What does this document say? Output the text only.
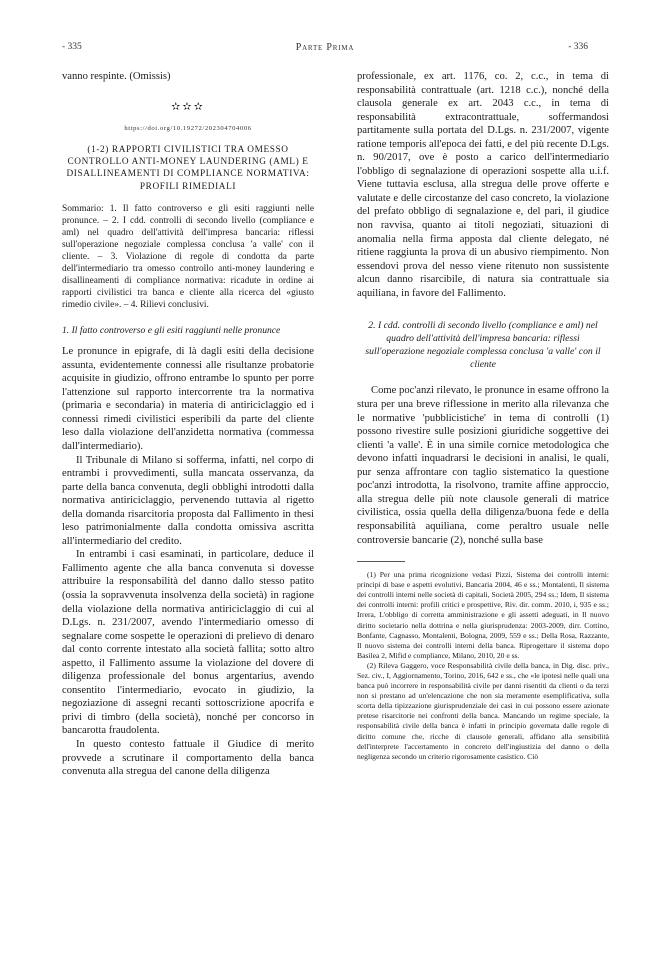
- 335	Parte Prima	- 336

vanno respinte. (Omissis)

✫✫✫

https://doi.org/10.19272/202304704006

(1-2) RAPPORTI CIVILISTICI TRA OMESSO CONTROLLO ANTI-MONEY LAUNDERING (AML) E DISALLINEAMENTI DI COMPLIANCE NORMATIVA: PROFILI RIMEDIALI

Sommario: 1. Il fatto controverso e gli esiti raggiunti nelle pronunce. – 2. I cdd. controlli di secondo livello (compliance e aml) nel quadro dell'attività dell'impresa bancaria: riflessi sull'operazione negoziale complessa conclusa 'a valle' con il cliente. – 3. Violazione di regole di condotta da parte dell'intermediario tra omesso controllo anti-money laundering e disallineamenti di compliance normativa: ricadute in ordine ai rapporti civilistici tra banca e cliente alla ricerca del «giusto rimedio civile». – 4. Rilievi conclusivi.

1. Il fatto controverso e gli esiti raggiunti nelle pronunce

Le pronunce in epigrafe, di là dagli esiti della decisione assunta, evidentemente connessi alle risultanze probatorie acquisite in giudizio, offrono entrambe lo spunto per porre l'attenzione sul rapporto intercorrente tra la normativa (primaria e secondaria) in materia di antiriciclaggio ed i connessi rimedi civilistici esperibili da parte del cliente leso dalla violazione dell'anzidetta normativa (commessa dall'intermediario).

Il Tribunale di Milano si sofferma, infatti, nel corpo di entrambi i provvedimenti, sulla mancata osservanza, da parte della banca convenuta, degli obblighi introdotti dalla normativa antiriciclaggio, pervenendo tuttavia al rigetto della domanda risarcitoria proposta dal Fallimento in thesi leso patrimonialmente dalla condotta omissiva ascritta all'intermediario del credito.

In entrambi i casi esaminati, in particolare, deduce il Fallimento agente che alla banca convenuta si dovesse attribuire la responsabilità del danno dallo stesso patito (ossia la sopravvenuta insolvenza della società) in ragione della violazione della normativa antiriciclaggio di cui al D.Lgs. n. 231/2007, avendo l'intermediario omesso di segnalare come sospette le operazioni di prelievo di denaro dal conto corrente intestato alla società fallita; sotto altro aspetto, il Fallimento assume la violazione del dovere di diligenza professionale del bonus argentarius, avendo consentito l'intermediario, evocato in giudizio, la negoziazione di assegni recanti sottoscrizione apocrifa e privi di timbro (della società), nonché per concorso in bancarotta fraudolenta.

In questo contesto fattuale il Giudice di merito provvede a scrutinare il comportamento della banca convenuta alla stregua del canone della diligenza

professionale, ex art. 1176, co. 2, c.c., in tema di responsabilità contrattuale (art. 1218 c.c.), nonché della clausola generale ex art. 2043 c.c., in tema di responsabilità extracontrattuale, soffermandosi partitamente sulla portata del D.Lgs. n. 231/2007, vigente ratione temporis all'epoca dei fatti, e del più recente D.Lgs. n. 90/2017, ove è posto a carico dell'intermediario l'obbligo di segnalazione di operazioni sospette alla u.i.f. Viene tuttavia esclusa, alla stregua delle prove offerte e valutate e delle circostanze del caso concreto, la violazione del prefato obbligo di segnalazione e, del pari, il giudice non ravvisa, quanto ai titoli negoziati, situazioni di anomalia nella firma apposta dal cliente delegato, né ritiene raggiunta la prova di un abusivo riempimento. Non essendovi prova del nesso viene ritenuto non sussistente alcun danno risarcibile, di natura sia contrattuale sia aquiliana, in favore del Fallimento.

2. I cdd. controlli di secondo livello (compliance e aml) nel quadro dell'attività dell'impresa bancaria: riflessi sull'operazione negoziale complessa conclusa 'a valle' con il cliente

Come poc'anzi rilevato, le pronunce in esame offrono la stura per una breve riflessione in merito alla rilevanza che le normative 'pubblicistiche' in tema di controlli (1) possono rivestire sulle posizioni giuridiche soggettive dei clienti 'a valle'. È in una simile cornice metodologica che devono infatti inquadrarsi le decisioni in analisi, le quali, pur senza affrontare con taglio sistematico la questione poc'anzi introdotta, la risolvono, tramite affine approccio, alla stregua delle più note clausole generali di matrice civilistica, ossia quella della diligenza/buona fede e della responsabilità aquiliana, come peraltro usuale nelle controversie bancarie (2), nonché sulla base

(1) Per una prima ricognizione vedasi Pizzi, Sistema dei controlli interni: principi di base e aspetti evolutivi, Bancaria 2004, 46 e ss.; Montalenti, Il sistema dei controlli interni nelle società di capitali, Società 2005, 294 ss.; Idem, Il sistema dei controlli interni: profili critici e prospettive, Riv. dir. comm. 2010, i, 935 e ss.; Irrera, L'obbligo di corretta amministrazione e gli assetti adeguati, in Il nuovo diritto societario nella dottrina e nella giurisprudenza: 2003-2009, dirr. Cottino, Bonfante, Cagnasso, Montalenti, Bologna, 2009, 559 e ss.; Della Rosa, Razzante, Il nuovo sistema dei controlli interni della banca. Riprogettare il sistema dopo Basilea 2, Mifid e compliance, Milano, 2010, 20 e ss.

(2) Rileva Gaggero, voce Responsabilità civile della banca, in Dig. disc. priv., Sez. civ., I, Aggiornamento, Torino, 2016, 642 e ss., che «le ipotesi nelle quali una banca può incorrere in responsabilità civile per danni risentiti da clienti o da terzi non si prestano ad un'elencazione che non sia meramente esemplificativa, sulla scorta della tipizzazione giurisprudenziale dei casi in cui possono essere azionate pretese risarcitorie nei confronti della banca. Mancando un regime speciale, la responsabilità civile della banca è infatti in principio governata dalle regole di diritto comune che, ricche di clausole generali, affidano alla sensibilità dell'interprete l'accertamento in concreto dell'ingiustizia del danno o della negligenza secondo un criterio rigorosamente casistico. Ciò
